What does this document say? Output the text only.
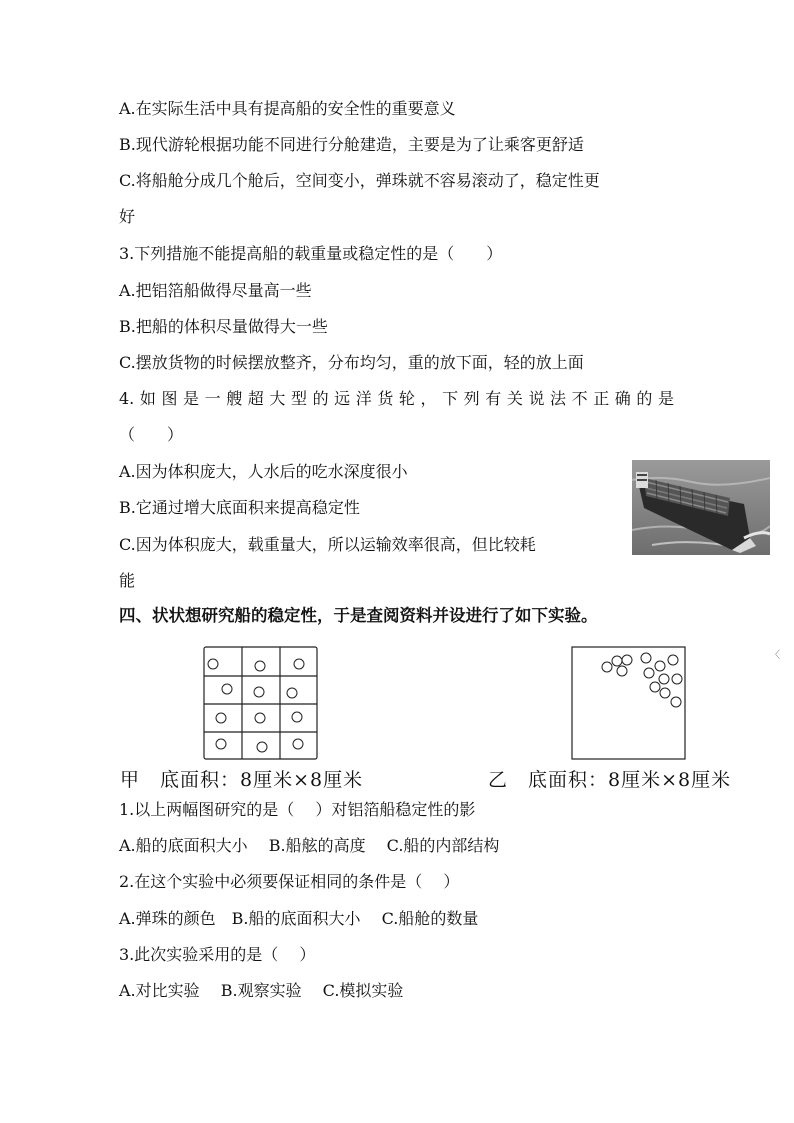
A.在实际生活中具有提高船的安全性的重要意义
B.现代游轮根据功能不同进行分舱建造，主要是为了让乘客更舒适
C.将船舱分成几个舱后，空间变小，弹珠就不容易滚动了，稳定性更
好
3.下列措施不能提高船的载重量或稳定性的是（　　）
A.把铝箔船做得尽量高一些
B.把船的体积尽量做得大一些
C.摆放货物的时候摆放整齐，分布均匀，重的放下面，轻的放上面
4.如图是一艘超大型的远洋货轮，下列有关说法不正确的是
（　　）
A.因为体积庞大，人水后的吃水深度很小
B.它通过增大底面积来提高稳定性
C.因为体积庞大，载重量大，所以运输效率很高，但比较耗
能
四、状状想研究船的稳定性，于是查阅资料并设进行了如下实验。
〈
甲　底面积：8厘米×8厘米	乙　底面积：8厘米×8厘米
1.以上两幅图研究的是（　 ）对铝箔船稳定性的影
A.船的底面积大小　 B.船舷的高度　 C.船的内部结构
2.在这个实验中必须要保证相同的条件是（　 ）
A.弹珠的颜色　B.船的底面积大小　 C.船舱的数量
3.此次实验采用的是（　 ）
A.对比实验　 B.观察实验　 C.模拟实验
